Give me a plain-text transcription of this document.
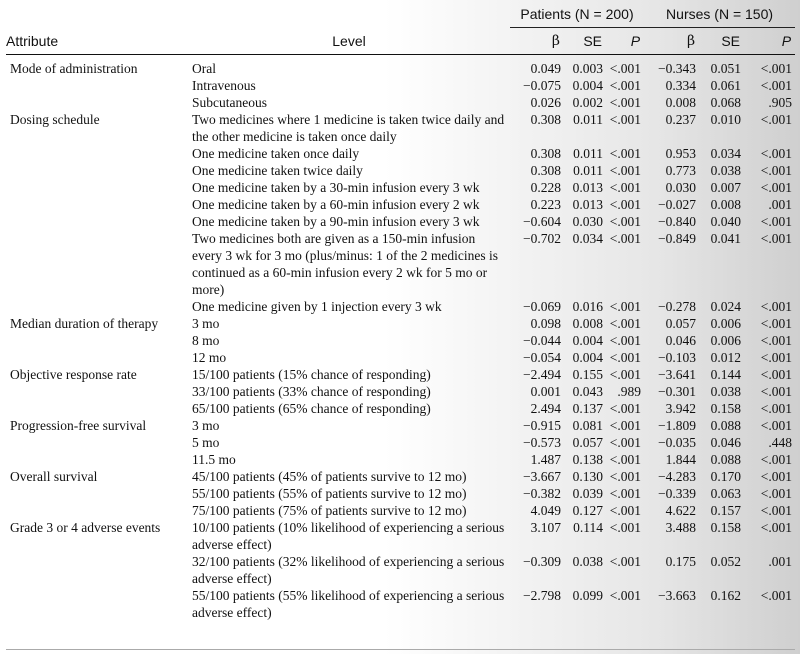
		Patients (N = 200)			Nurses (N = 150)		
Attribute	Level	β	SE	P	β	SE	P
Mode of administration	Oral	0.049	0.003	<.001	−0.343	0.051	<.001
	Intravenous	−0.075	0.004	<.001	0.334	0.061	<.001
	Subcutaneous	0.026	0.002	<.001	0.008	0.068	.905
Dosing schedule	Two medicines where 1 medicine is taken twice daily and the other medicine is taken once daily	0.308	0.011	<.001	0.237	0.010	<.001
	One medicine taken once daily	0.308	0.011	<.001	0.953	0.034	<.001
	One medicine taken twice daily	0.308	0.011	<.001	0.773	0.038	<.001
	One medicine taken by a 30-min infusion every 3 wk	0.228	0.013	<.001	0.030	0.007	<.001
	One medicine taken by a 60-min infusion every 2 wk	0.223	0.013	<.001	−0.027	0.008	.001
	One medicine taken by a 90-min infusion every 3 wk	−0.604	0.030	<.001	−0.840	0.040	<.001
	Two medicines both are given as a 150-min infusion every 3 wk for 3 mo (plus/minus: 1 of the 2 medicines is continued as a 60-min infusion every 2 wk for 5 mo or more)	−0.702	0.034	<.001	−0.849	0.041	<.001
	One medicine given by 1 injection every 3 wk	−0.069	0.016	<.001	−0.278	0.024	<.001
Median duration of therapy	3 mo	0.098	0.008	<.001	0.057	0.006	<.001
	8 mo	−0.044	0.004	<.001	0.046	0.006	<.001
	12 mo	−0.054	0.004	<.001	−0.103	0.012	<.001
Objective response rate	15/100 patients (15% chance of responding)	−2.494	0.155	<.001	−3.641	0.144	<.001
	33/100 patients (33% chance of responding)	0.001	0.043	.989	−0.301	0.038	<.001
	65/100 patients (65% chance of responding)	2.494	0.137	<.001	3.942	0.158	<.001
Progression-free survival	3 mo	−0.915	0.081	<.001	−1.809	0.088	<.001
	5 mo	−0.573	0.057	<.001	−0.035	0.046	.448
	11.5 mo	1.487	0.138	<.001	1.844	0.088	<.001
Overall survival	45/100 patients (45% of patients survive to 12 mo)	−3.667	0.130	<.001	−4.283	0.170	<.001
	55/100 patients (55% of patients survive to 12 mo)	−0.382	0.039	<.001	−0.339	0.063	<.001
	75/100 patients (75% of patients survive to 12 mo)	4.049	0.127	<.001	4.622	0.157	<.001
Grade 3 or 4 adverse events	10/100 patients (10% likelihood of experiencing a serious adverse effect)	3.107	0.114	<.001	3.488	0.158	<.001
	32/100 patients (32% likelihood of experiencing a serious adverse effect)	−0.309	0.038	<.001	0.175	0.052	.001
	55/100 patients (55% likelihood of experiencing a serious adverse effect)	−2.798	0.099	<.001	−3.663	0.162	<.001
